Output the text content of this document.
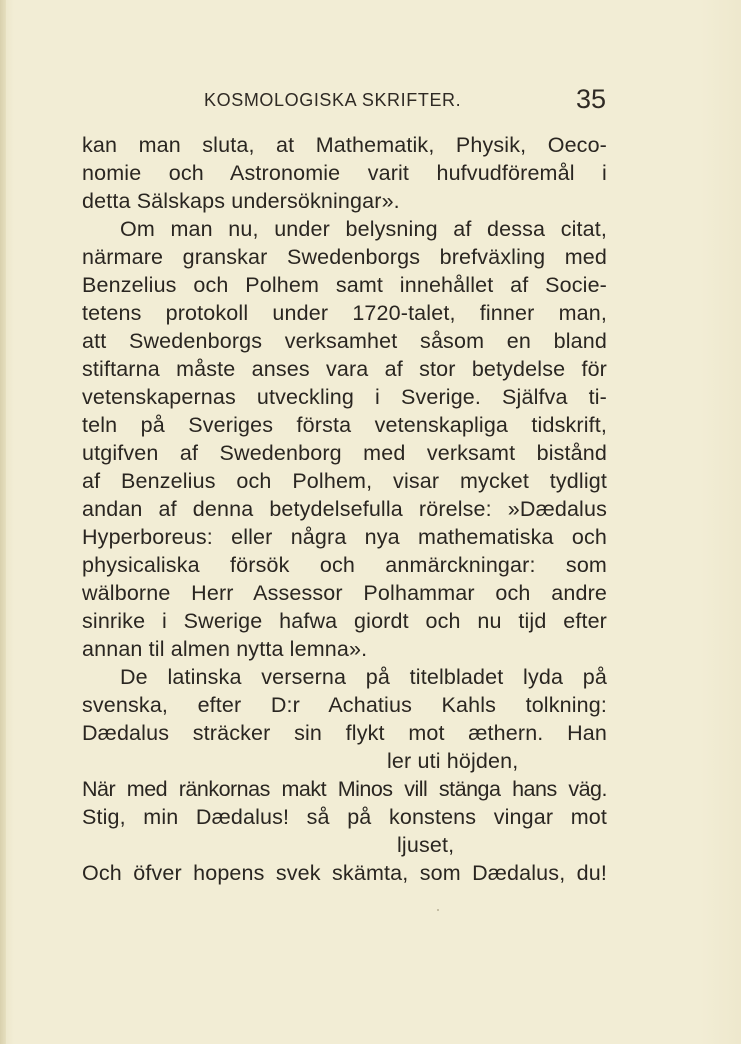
KOSMOLOGISKA SKRIFTER.	35
kan man sluta, at Mathematik, Physik, Oeco-
nomie och Astronomie varit hufvudföremål i
detta Sälskaps undersökningar».
Om man nu, under belysning af dessa citat,
närmare granskar Swedenborgs brefväxling med
Benzelius och Polhem samt innehållet af Socie-
tetens protokoll under 1720-talet, finner man,
att Swedenborgs verksamhet såsom en bland
stiftarna måste anses vara af stor betydelse för
vetenskapernas utveckling i Sverige. Själfva ti-
teln på Sveriges första vetenskapliga tidskrift,
utgifven af Swedenborg med verksamt bistånd
af Benzelius och Polhem, visar mycket tydligt
andan af denna betydelsefulla rörelse: »Dædalus
Hyperboreus: eller några nya mathematiska och
physicaliska försök och anmärckningar: som
wälborne Herr Assessor Polhammar och andre
sinrike i Swerige hafwa giordt och nu tijd efter
annan til almen nytta lemna».
De latinska verserna på titelbladet lyda på
svenska, efter D:r Achatius Kahls tolkning:
Dædalus sträcker sin flykt mot æthern. Han
ler uti höjden,
När med ränkornas makt Minos vill stänga hans väg.
Stig, min Dædalus! så på konstens vingar mot
ljuset,
Och öfver hopens svek skämta, som Dædalus, du!
